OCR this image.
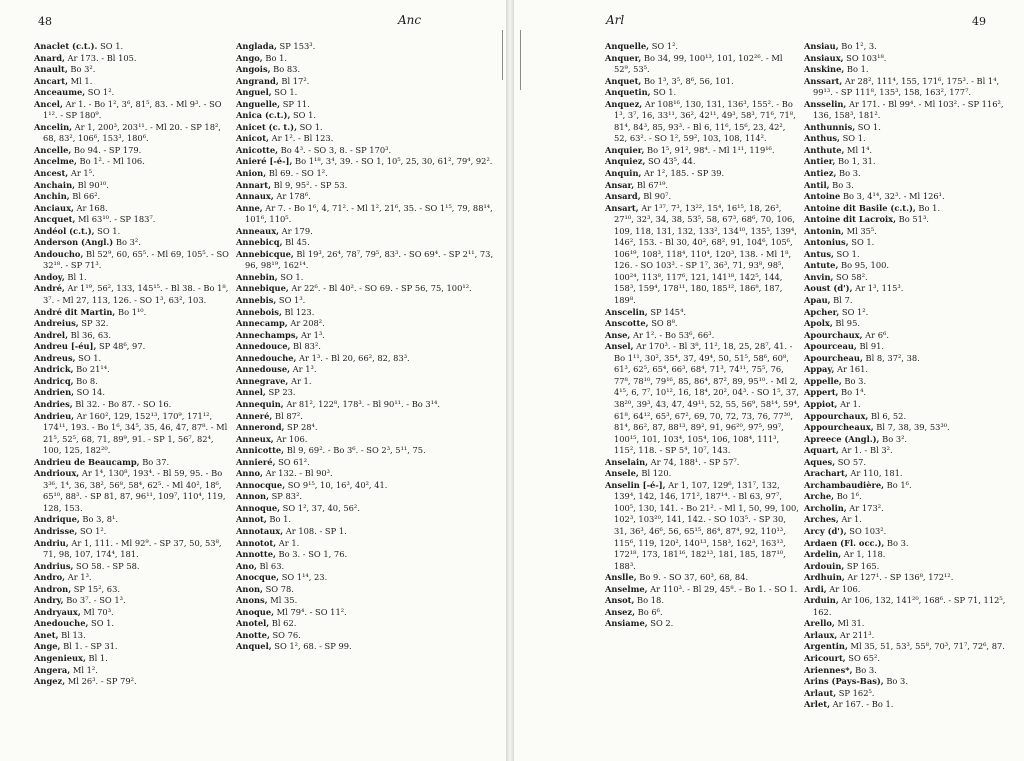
48	Anc
Anaclet (c.t.). SO 1.
Anard, Ar 173. - Bl 105.
Anault, Bo 3².
Ancart, Ml 1.
Anceaume, SO 1².
Ancel, Ar 1. - Bo 1², 3⁶, 81⁵, 83. - Ml 9³. - SO 1¹². - SP 180⁹.
Ancelin, Ar 1, 200³, 203¹¹. - Ml 20. - SP 18², 68, 83², 106⁶, 153³, 180⁶.
Ancelle, Bo 94. - SP 179.
Ancelme, Bo 1². - Ml 106.
Ancest, Ar 1⁵.
Anchain, Bl 90¹⁰.
Anchin, Bl 66².
Anciaux, Ar 168.
Ancquet, Ml 63¹⁰. - SP 183⁷.
Andéol (c.t.), SO 1.
Anderson (Angl.) Bo 3².
Andoucho, Bl 52⁹, 60, 65⁵. - Ml 69, 105⁵. - SO 32¹⁸. - SP 71³.
Andoy, Bl 1.
André, Ar 1¹⁹, 56², 133, 145¹⁵. - Bl 38. - Bo 1⁸, 3⁷. - Ml 27, 113, 126. - SO 1³, 63², 103.
André dit Martin, Bo 1¹⁰.
Andreius, SP 32.
Andrel, Bl 36, 63.
Andreu [-éu], SP 48⁶, 97.
Andreus, SO 1.
Andrick, Bo 21¹⁴.
Andricq, Bo 8.
Andrien, SO 14.
Andries, Bl 32. - Bo 87. - SO 16.
Andrieu, Ar 160², 129, 152¹³, 170⁹, 171¹², 174¹¹, 193. - Bo 1⁶, 34⁵, 35, 46, 47, 87⁸. - Ml 21⁵, 52⁵, 68, 71, 89⁹, 91. - SP 1, 56⁷, 82⁴, 100, 125, 182²⁰.
Andrieu de Beaucamp, Bo 37.
Andrioux, Ar 1⁴, 130⁸, 193⁴. - Bl 59, 95. - Bo 3³⁶, 1⁴, 36, 38², 56⁸, 58⁴, 62⁵. - Ml 40², 18⁶, 65¹⁰, 88³. - SP 81, 87, 96¹¹, 109⁷, 110⁴, 119, 128, 153.
Andrique, Bo 3, 8¹.
Andrisse, SO 1².
Andriu, Ar 1, 111. - Ml 92⁹. - SP 37, 50, 53⁸, 71, 98, 107, 174⁴, 181.
Andrius, SO 58. - SP 58.
Andro, Ar 1³.
Andron, SP 15², 63.
Andry, Bo 3⁷. - SO 1³.
Andryaux, Ml 70³.
Anedouche, SO 1.
Anet, Bl 13.
Ange, Bl 1. - SP 31.
Angenieux, Bl 1.
Angera, Ml 1².
Angez, Ml 26³. - SP 79².
Anglada, SP 153³.
Ango, Bo 1.
Angois, Bo 83.
Angrand, Bl 17².
Anguel, SO 1.
Anguelle, SP 11.
Anica (c.t.), SO 1.
Anicet (c. t.), SO 1.
Anicot, Ar 1². - Bl 123.
Anicotte, Bo 4³. - SO 3, 8. - SP 170³.
Anieré [-é-], Bo 1¹⁸, 3⁴, 39. - SO 1, 10⁵, 25, 30, 61², 79⁴, 92².
Anion, Bl 69. - SO 1².
Annart, Bl 9, 95². - SP 53.
Annaux, Ar 178⁶.
Anne, Ar 7. - Bo 1⁶, 4, 71². - Ml 1², 21⁶, 35. - SO 1¹⁵, 79, 88¹⁴, 101⁶, 110⁵.
Anneaux, Ar 179.
Annebicq, Bl 45.
Annebicque, Bl 19³, 26⁴, 78⁷, 79⁵, 83³. - SO 69⁴. - SP 2¹¹, 73, 96, 98¹⁹, 162¹⁴.
Annebin, SO 1.
Annebique, Ar 22⁶. - Bl 40². - SO 69. - SP 56, 75, 100¹².
Annebis, SO 1³.
Annebois, Bl 123.
Annecamp, Ar 208².
Annechamps, Ar 1³.
Annedouce, Bl 83².
Annedouche, Ar 1³. - Bl 20, 66², 82, 83³.
Annedouse, Ar 1³.
Annegrave, Ar 1.
Annel, SP 23.
Annequin, Ar 81², 122⁸, 178³. - Bl 90¹¹. - Bo 3¹⁴.
Anneré, Bl 87².
Annerond, SP 28⁴.
Anneux, Ar 106.
Annicotte, Bl 9, 69². - Bo 3⁶. - SO 2³, 5¹¹, 75.
Annieré, SO 61².
Anno, Ar 132. - Bl 90³.
Annocque, SO 9¹⁵, 10, 16³, 40², 41.
Annon, SP 83².
Annoque, SO 1², 37, 40, 56².
Annot, Bo 1.
Annotaux, Ar 108. - SP 1.
Annotot, Ar 1.
Annotte, Bo 3. - SO 1, 76.
Ano, Bl 63.
Anocque, SO 1¹⁴, 23.
Anon, SO 78.
Anons, Ml 35.
Anoque, Ml 79⁴. - SO 11².
Anotel, Bl 62.
Anotte, SO 76.
Anquel, SO 1², 68. - SP 99.
Arl	49
Anquelle, SO 1².
Anquer, Bo 34, 99, 100¹³, 101, 102²⁶. - Ml 52⁹, 53⁵.
Anquet, Bo 1³, 3⁵, 8⁶, 56, 101.
Anquetin, SO 1.
Anquez, Ar 108¹⁶, 130, 131, 136³, 155². - Bo 1³, 3⁷, 16, 33¹¹, 36², 42¹¹, 49³, 58³, 71⁶, 71⁸, 81⁴, 84³, 85, 93³. - Bl 6, 11⁶, 15⁶, 23, 42², 52, 63². - SO 1², 59², 103, 108, 114².
Anquier, Bo 1⁵, 91², 98⁴. - Ml 1¹¹, 119¹⁶.
Anquiez, SO 43⁵, 44.
Anquin, Ar 1², 185. - SP 39.
Ansar, Bl 67¹⁹.
Ansard, Bl 90⁷.
Ansart, Ar 1³⁷, 7³, 13²², 15⁴, 16¹⁵, 18, 26³, 27¹⁰, 32³, 34, 38, 53⁵, 58, 67³, 68⁶, 70, 106, 109, 118, 131, 132, 133², 134¹⁰, 135⁵, 139⁴, 146², 153. - Bl 30, 40², 68², 91, 104⁶, 105⁶, 106¹⁹, 108³, 118⁴, 110⁴, 120³, 138. - Ml 1⁸, 126. - SO 103³. - SP 1⁷, 36³, 71, 93⁸, 98⁵, 100²⁴, 113⁸, 117⁶, 121, 141¹⁸, 142⁵, 144, 158³, 159⁴, 178¹¹, 180, 185¹², 186⁸, 187, 189⁸.
Anscelin, SP 145⁴.
Anscotte, SO 8⁸.
Anse, Ar 1². - Bo 53⁶, 66³.
Ansel, Ar 170³. - Bl 3⁸, 11², 18, 25, 28⁷, 41. - Bo 1¹¹, 30², 35⁴, 37, 49⁴, 50, 51⁵, 58⁶, 60⁸, 61³, 62⁵, 65⁴, 66³, 68⁴, 71³, 74¹¹, 75⁵, 76, 77⁸, 78¹⁰, 79¹⁶, 85, 86⁴, 87², 89, 95¹⁰. - Ml 2, 4¹⁵, 6, 7⁷, 10¹², 16, 18⁴, 20², 04³. - SO 1⁵, 37, 38²⁰, 39³, 43, 47, 49¹¹, 52, 55, 56⁹, 58¹⁴, 59⁴, 61⁸, 64¹², 65³, 67², 69, 70, 72, 73, 76, 77³⁰, 81⁴, 86², 87, 88¹³, 89², 91, 96²⁰, 97⁵, 99⁷, 100¹⁵, 101, 103⁴, 105⁴, 106, 108⁴, 111³, 115², 118. - SP 5⁴, 10⁷, 143.
Anselain, Ar 74, 188¹. - SP 57⁷.
Ansele, Bl 120.
Anselin [-é-], Ar 1, 107, 129⁶, 131⁷, 132, 139⁴, 142, 146, 171², 187¹⁴. - Bl 63, 97⁷, 100⁵, 130, 141. - Bo 21². - Ml 1, 50, 99, 100, 102³, 103²⁰, 141, 142. - SO 103⁵. - SP 30, 31, 36³, 46⁶, 56, 65¹⁵, 86⁴, 87⁴, 92, 110¹³, 115⁶, 119, 120², 140¹³, 158³, 162³, 163¹³, 172¹⁸, 173, 181¹⁶, 182¹³, 181, 185, 187¹⁰, 188³.
Anslle, Bo 9. - SO 37, 60³, 68, 84.
Anselme, Ar 110³. - Bl 29, 45⁸. - Bo 1. - SO 1.
Ansot, Bo 18.
Ansez, Bo 6⁶.
Ansiame, SO 2.
Ansiau, Bo 1², 3.
Ansiaux, SO 103¹⁸.
Anskine, Bo 1.
Anssart, Ar 28², 111⁴, 155, 171⁶, 175³. - Bl 1⁴, 99¹³. - SP 111⁸, 135³, 158, 163², 177⁷.
Ansselin, Ar 171. - Bl 99⁴. - Ml 103². - SP 116², 136, 158³, 181².
Anthunnis, SO 1.
Anthus, SO 1.
Anthute, Ml 1⁴.
Antier, Bo 1, 31.
Antiez, Bo 3.
Antil, Bo 3.
Antoine Bo 3, 4¹⁴, 32³. - Ml 126¹.
Antoine dit Basile (c.t.), Bo 1.
Antoine dit Lacroix, Bo 51³.
Antonin, Ml 35⁵.
Antonius, SO 1.
Antus, SO 1.
Antute, Bo 95, 100.
Anvin, SO 58².
Aoust (d'), Ar 1³, 115³.
Apau, Bl 7.
Apcher, SO 1².
Apolx, Bl 95.
Apourchaux, Ar 6⁶.
Apourceau, Bl 91.
Apourcheau, Bl 8, 37², 38.
Appay, Ar 161.
Appelle, Bo 3.
Appert, Bo 1⁴.
Appiot, Ar 1.
Appourchaux, Bl 6, 52.
Appourcheaux, Bl 7, 38, 39, 53³⁰.
Apreece (Angl.), Bo 3².
Aquart, Ar 1. - Bl 3².
Aques, SO 57.
Arachart, Ar 110, 181.
Archambaudière, Bo 1⁶.
Arche, Bo 1⁶.
Archolin, Ar 173².
Arches, Ar 1.
Arcy (d'), SO 103².
Ardaen (Fl. occ.), Bo 3.
Ardelin, Ar 1, 118.
Ardouin, SP 165.
Ardhuin, Ar 127¹. - SP 136⁸, 172¹².
Ardi, Ar 106.
Arduin, Ar 106, 132, 141²⁰, 168⁶. - SP 71, 112⁵, 162.
Arello, Ml 31.
Arlaux, Ar 211³.
Argentin, Ml 35, 51, 53³, 55⁸, 70³, 71⁷, 72⁶, 87.
Aricourt, SO 65².
Ariennes*, Bo 3.
Arins (Pays-Bas), Bo 3.
Arlaut, SP 162⁵.
Arlet, Ar 167. - Bo 1.
